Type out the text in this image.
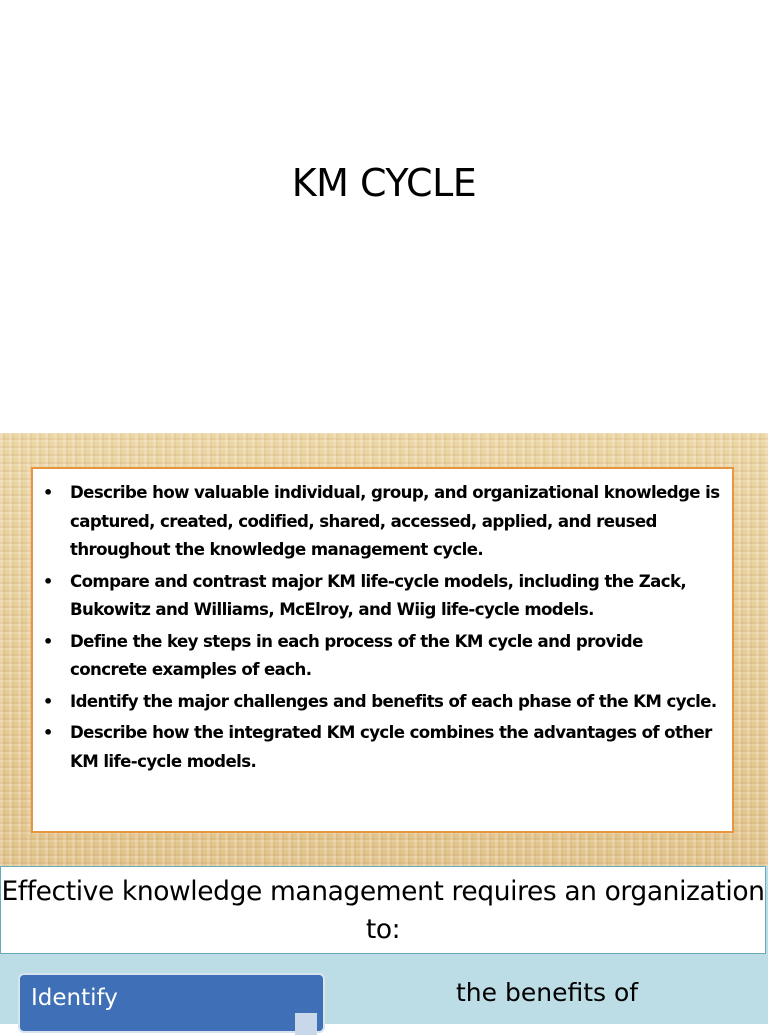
KM CYCLE
• Describe how valuable individual, group, and organizational knowledge is captured, created, codified, shared, accessed, applied, and reused throughout the knowledge management cycle.
• Compare and contrast major KM life-cycle models, including the Zack, Bukowitz and Williams, McElroy, and Wiig life-cycle models.
• Define the key steps in each process of the KM cycle and provide concrete examples of each.
• Identify the major challenges and benefits of each phase of the KM cycle.
• Describe how the integrated KM cycle combines the advantages of other KM life-cycle models.
Effective knowledge management requires an organization to:
Identify	the benefits of
